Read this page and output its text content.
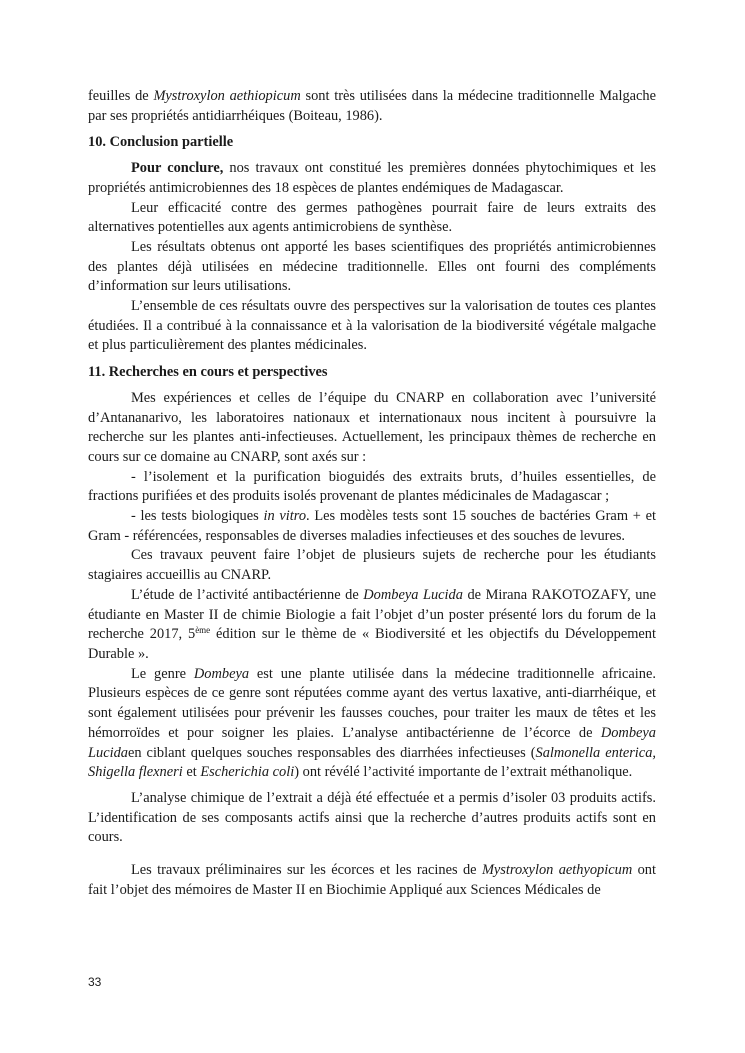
feuilles de Mystroxylon aethiopicum sont très utilisées dans la médecine traditionnelle Malgache par ses propriétés antidiarrhéiques (Boiteau, 1986).

10. Conclusion partielle

Pour conclure, nos travaux ont constitué les premières données phytochimiques et les propriétés antimicrobiennes des 18 espèces de plantes endémiques de Madagascar.

Leur efficacité contre des germes pathogènes pourrait faire de leurs extraits des alternatives potentielles aux agents antimicrobiens de synthèse.

Les résultats obtenus ont apporté les bases scientifiques des propriétés antimicrobiennes des plantes déjà utilisées en médecine traditionnelle. Elles ont fourni des compléments d’information sur leurs utilisations.

L’ensemble de ces résultats ouvre des perspectives sur la valorisation de toutes ces plantes étudiées. Il a contribué à la connaissance et à la valorisation de la biodiversité végétale malgache et plus particulièrement des plantes médicinales.

11. Recherches en cours et perspectives

Mes expériences et celles de l’équipe du CNARP en collaboration avec l’université d’Antananarivo, les laboratoires nationaux et internationaux nous incitent à poursuivre la recherche sur les plantes anti-infectieuses. Actuellement, les principaux thèmes de recherche en cours sur ce domaine au CNARP, sont axés sur :

- l’isolement et la purification bioguidés des extraits bruts, d’huiles essentielles, de fractions purifiées et des produits isolés provenant de plantes médicinales de Madagascar ;

- les tests biologiques in vitro. Les modèles tests sont 15 souches de bactéries Gram + et Gram - référencées, responsables de diverses maladies infectieuses et des souches de levures.

Ces travaux peuvent faire l’objet de plusieurs sujets de recherche pour les étudiants stagiaires accueillis au CNARP.

L’étude de l’activité antibactérienne de Dombeya Lucida de Mirana RAKOTOZAFY, une étudiante en Master II de chimie Biologie a fait l’objet d’un poster présenté lors du forum de la recherche 2017, 5ème édition sur le thème de « Biodiversité et les objectifs du Développement Durable ».

Le genre Dombeya est une plante utilisée dans la médecine traditionnelle africaine. Plusieurs espèces de ce genre sont réputées comme ayant des vertus laxative, anti-diarrhéique, et sont également utilisées pour prévenir les fausses couches, pour traiter les maux de têtes et les hémorroïdes et pour soigner les plaies. L’analyse antibactérienne de l’écorce de Dombeya Lucidaen ciblant quelques souches responsables des diarrhées infectieuses (Salmonella enterica, Shigella flexneri et Escherichia coli) ont révélé l’activité importante de l’extrait méthanolique.

L’analyse chimique de l’extrait a déjà été effectuée et a permis d’isoler 03 produits actifs. L’identification de ses composants actifs ainsi que la recherche d’autres produits actifs sont en cours.

Les travaux préliminaires sur les écorces et les racines de Mystroxylon aethyopicum ont fait l’objet des mémoires de Master II en Biochimie Appliqué aux Sciences Médicales de

33
